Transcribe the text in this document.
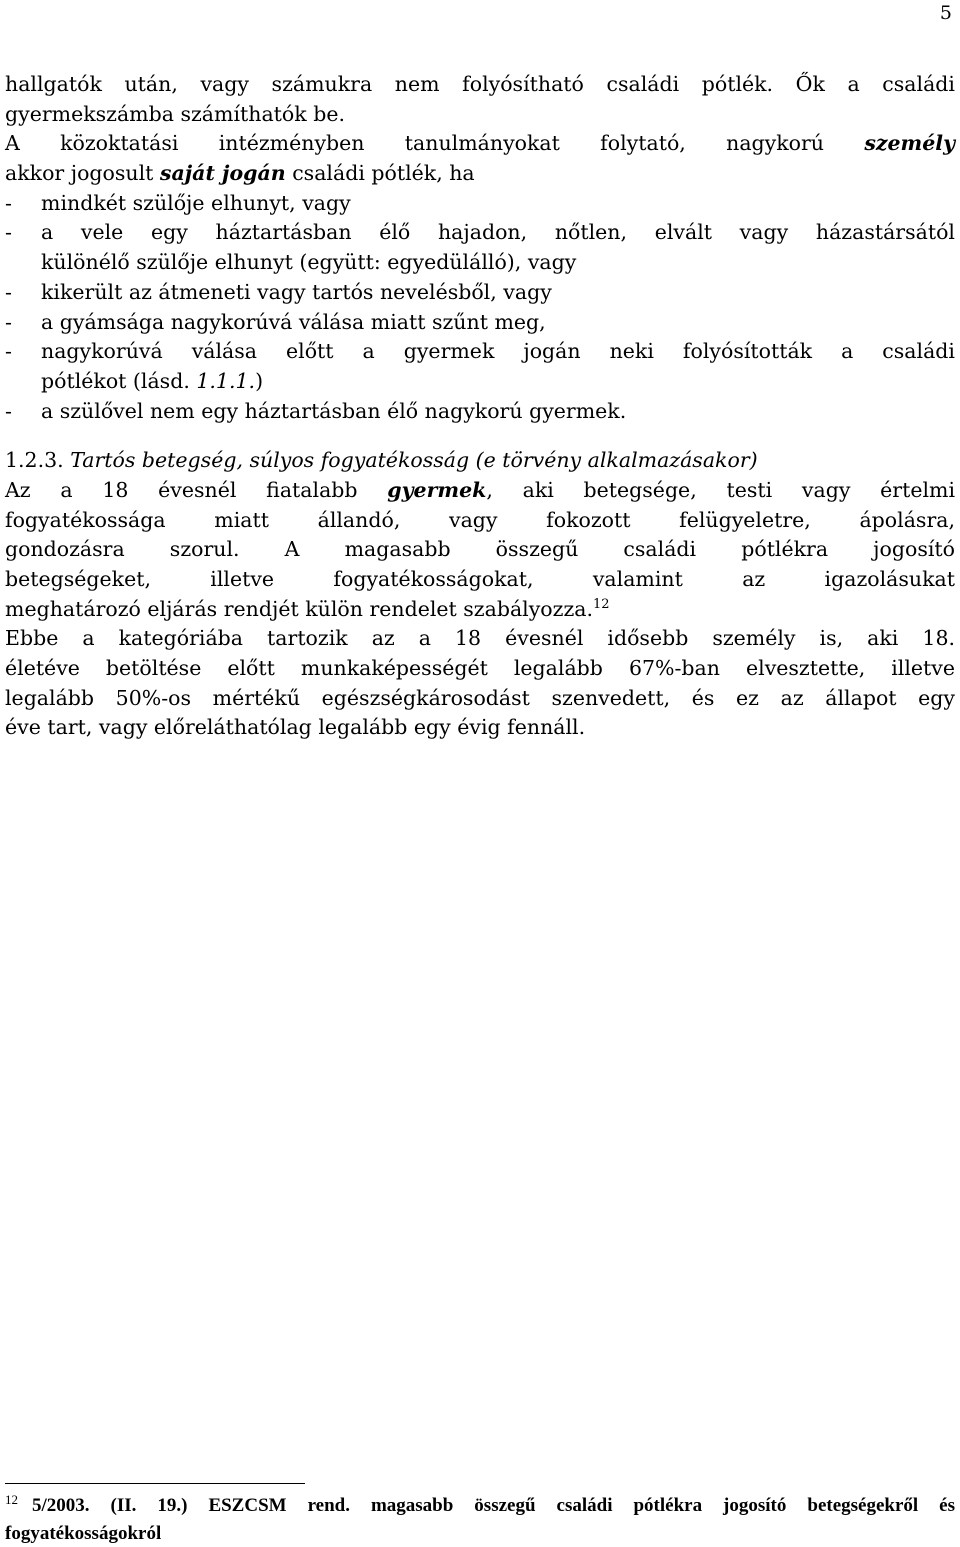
5
hallgatók után, vagy számukra nem folyósítható családi pótlék. Ők a családi
gyermekszámba számíthatók be.
A közoktatási intézményben tanulmányokat folytató, nagykorú személy
akkor jogosult saját jogán családi pótlék, ha
- mindkét szülője elhunyt, vagy
-	a vele egy háztartásban élő hajadon, nőtlen, elvált vagy házastársától
különélő szülője elhunyt (együtt: egyedülálló), vagy
- kikerült az átmeneti vagy tartós nevelésből, vagy
- a gyámsága nagykorúvá válása miatt szűnt meg,
-	nagykorúvá válása előtt a gyermek jogán neki folyósították a családi
pótlékot (lásd. 1.1.1.)
- a szülővel nem egy háztartásban élő nagykorú gyermek.
1.2.3. Tartós betegség, súlyos fogyatékosság (e törvény alkalmazásakor)
Az a 18 évesnél fiatalabb gyermek, aki betegsége, testi vagy értelmi
fogyatékossága miatt állandó, vagy fokozott felügyeletre, ápolásra,
gondozásra szorul. A magasabb összegű családi pótlékra jogosító
betegségeket, illetve fogyatékosságokat, valamint az igazolásukat
meghatározó eljárás rendjét külön rendelet szabályozza.$^{12}$
Ebbe a kategóriába tartozik az a 18 évesnél idősebb személy is, aki 18.
életéve betöltése előtt munkaképességét legalább 67%-ban elvesztette, illetve
legalább 50%-os mértékű egészségkárosodást szenvedett, és ez az állapot egy
éve tart, vagy előreláthatólag legalább egy évig fennáll.
12 5/2003. (II. 19.) ESZCSM rend. magasabb összegű családi pótlékra jogosító betegségekről és
fogyatékosságokról
